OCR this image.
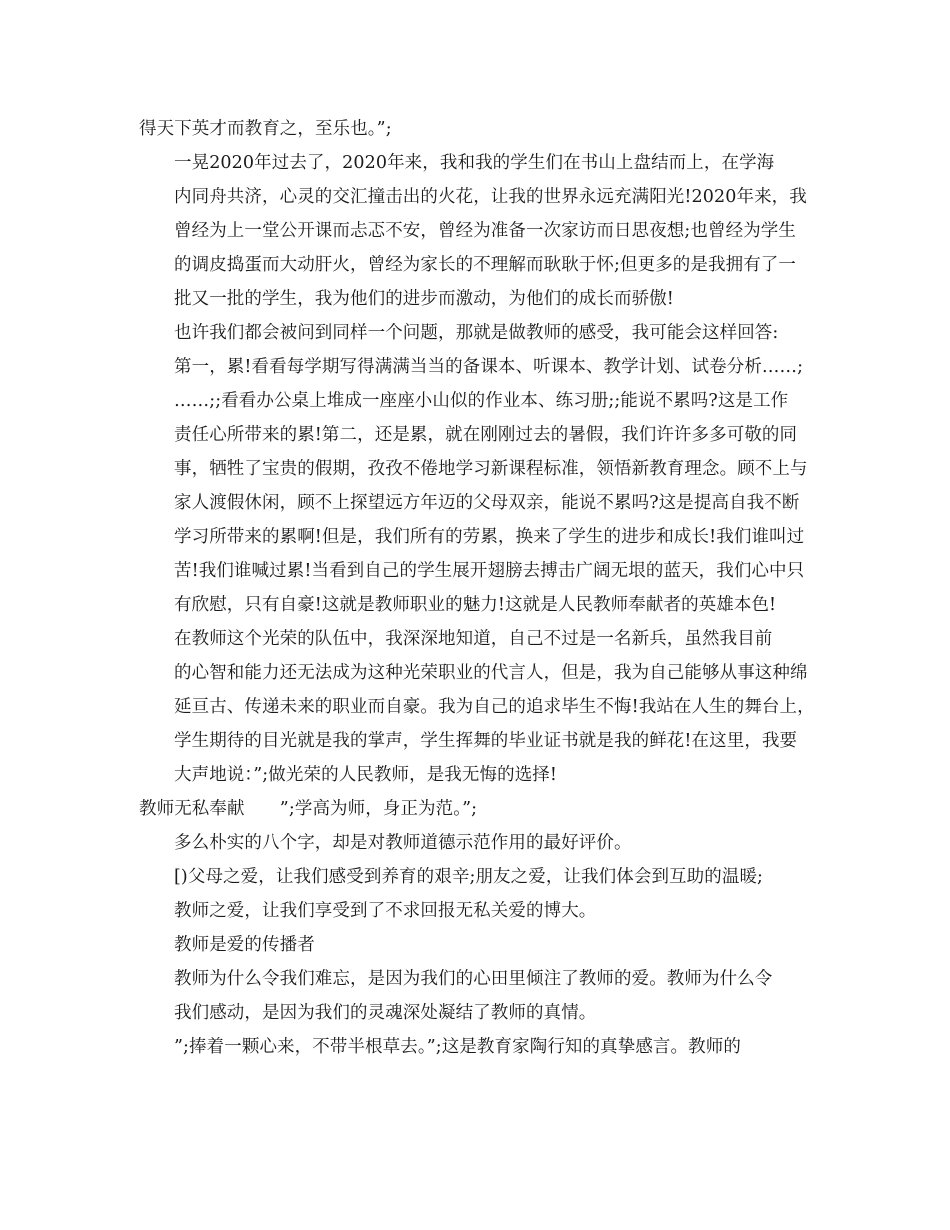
得天下英才而教育之，至乐也。”;
一晃2020年过去了，2020年来，我和我的学生们在书山上盘结而上，在学海
内同舟共济，心灵的交汇撞击出的火花，让我的世界永远充满阳光!2020年来，我
曾经为上一堂公开课而忐忑不安，曾经为准备一次家访而日思夜想;也曾经为学生
的调皮捣蛋而大动肝火，曾经为家长的不理解而耿耿于怀;但更多的是我拥有了一
批又一批的学生，我为他们的进步而激动，为他们的成长而骄傲!
也许我们都会被问到同样一个问题，那就是做教师的感受，我可能会这样回答:
第一，累!看看每学期写得满满当当的备课本、听课本、教学计划、试卷分析……;
……;;看看办公桌上堆成一座座小山似的作业本、练习册;;能说不累吗?这是工作
责任心所带来的累!第二，还是累，就在刚刚过去的暑假，我们许许多多可敬的同
事，牺牲了宝贵的假期，孜孜不倦地学习新课程标准，领悟新教育理念。顾不上与
家人渡假休闲，顾不上探望远方年迈的父母双亲，能说不累吗?这是提高自我不断
学习所带来的累啊!但是，我们所有的劳累，换来了学生的进步和成长!我们谁叫过
苦!我们谁喊过累!当看到自己的学生展开翅膀去搏击广阔无垠的蓝天，我们心中只
有欣慰，只有自豪!这就是教师职业的魅力!这就是人民教师奉献者的英雄本色!
在教师这个光荣的队伍中，我深深地知道，自己不过是一名新兵，虽然我目前
的心智和能力还无法成为这种光荣职业的代言人，但是，我为自己能够从事这种绵
延亘古、传递未来的职业而自豪。我为自己的追求毕生不悔!我站在人生的舞台上，
学生期待的目光就是我的掌声，学生挥舞的毕业证书就是我的鲜花!在这里，我要
大声地说：”;做光荣的人民教师，是我无悔的选择!
教师无私奉献　　”;学高为师，身正为范。”;
多么朴实的八个字，却是对教师道德示范作用的最好评价。
[)父母之爱，让我们感受到养育的艰辛;朋友之爱，让我们体会到互助的温暖;
教师之爱，让我们享受到了不求回报无私关爱的博大。
教师是爱的传播者
教师为什么令我们难忘，是因为我们的心田里倾注了教师的爱。教师为什么令
我们感动，是因为我们的灵魂深处凝结了教师的真情。
”;捧着一颗心来，不带半根草去。”;这是教育家陶行知的真挚感言。教师的
